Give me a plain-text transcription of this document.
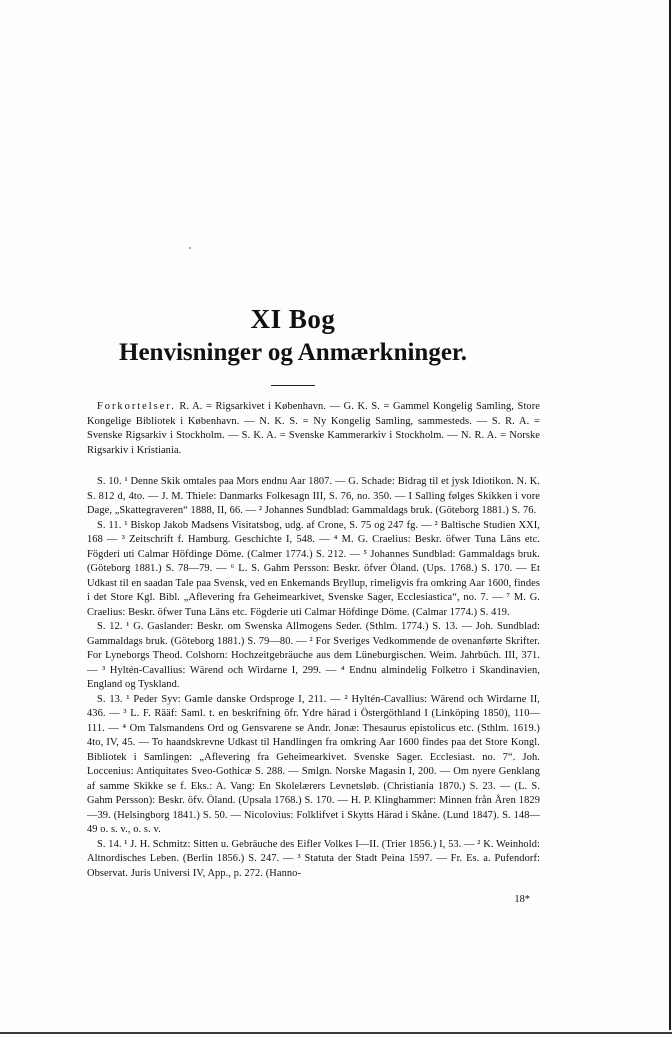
XI Bog
Henvisninger og Anmærkninger.

Forkortelser. R. A. = Rigsarkivet i København. — G. K. S. = Gammel Kongelig Samling, Store Kongelige Bibliotek i København. — N. K. S. = Ny Kongelig Samling, sammesteds. — S. R. A. = Svenske Rigsarkiv i Stockholm. — S. K. A. = Svenske Kammerarkiv i Stockholm. — N. R. A. = Norske Rigsarkiv i Kristiania.

S. 10. ¹ Denne Skik omtales paa Mors endnu Aar 1807. — G. Schade: Bidrag til et jysk Idiotikon. N. K. S. 812 d, 4to. — J. M. Thiele: Danmarks Folkesagn III, S. 76, no. 350. — I Salling følges Skikken i vore Dage, „Skattegraveren“ 1888, II, 66. — ² Johannes Sundblad: Gammaldags bruk. (Göteborg 1881.) S. 76.

S. 11. ¹ Biskop Jakob Madsens Visitatsbog, udg. af Crone, S. 75 og 247 fg. — ² Baltische Studien XXI, 168 — ³ Zeitschrift f. Hamburg. Geschichte I, 548. — ⁴ M. G. Craelius: Beskr. öfwer Tuna Läns etc. Fögderi uti Calmar Höfdinge Döme. (Calmer 1774.) S. 212. — ⁵ Johannes Sundblad: Gammaldags bruk. (Göteborg 1881.) S. 78—79. — ⁶ L. S. Gahm Persson: Beskr. öfver Öland. (Ups. 1768.) S. 170. — Et Udkast til en saadan Tale paa Svensk, ved en Enkemands Bryllup, rimeligvis fra omkring Aar 1600, findes i det Store Kgl. Bibl. „Aflevering fra Geheimearkivet, Svenske Sager, Ecclesiastica“, no. 7. — ⁷ M. G. Craelius: Beskr. öfwer Tuna Läns etc. Fögderie uti Calmar Höfdinge Döme. (Calmar 1774.) S. 419.

S. 12. ¹ G. Gaslander: Beskr. om Swenska Allmogens Seder. (Sthlm. 1774.) S. 13. — Joh. Sundblad: Gammaldags bruk. (Göteborg 1881.) S. 79—80. — ² For Sveriges Vedkommende de ovenanførte Skrifter. For Lyneborgs Theod. Colshorn: Hochzeitgebräuche aus dem Lüneburgischen. Weim. Jahrbüch. III, 371. — ³ Hyltén-Cavallius: Wärend och Wirdarne I, 299. — ⁴ Endnu almindelig Folketro i Skandinavien, England og Tyskland.

S. 13. ¹ Peder Syv: Gamle danske Ordsproge I, 211. — ² Hyltén-Cavallius: Wärend och Wirdarne II, 436. — ³ L. F. Rääf: Saml. t. en beskrifning öfr. Ydre härad i Östergöthland I (Linköping 1850), 110—111. — ⁴ Om Talsmandens Ord og Gensvarene se Andr. Jonæ: Thesaurus epistolicus etc. (Sthlm. 1619.) 4to, IV, 45. — To haandskrevne Udkast til Handlingen fra omkring Aar 1600 findes paa det Store Kongl. Bibliotek i Samlingen: „Aflevering fra Geheimearkivet. Svenske Sager. Ecclesiast. no. 7“. Joh. Loccenius: Antiquitates Sveo-Gothicæ S. 288. — Smlgn. Norske Magasin I, 200. — Om nyere Genklang af samme Skikke se f. Eks.: A. Vang: En Skolelærers Levnetsløb. (Christiania 1870.) S. 23. — (L. S. Gahm Persson): Beskr. öfv. Öland. (Upsala 1768.) S. 170. — H. P. Klinghammer: Minnen från Åren 1829—39. (Helsingborg 1841.) S. 50. — Nicolovius: Folklifvet i Skytts Härad i Skåne. (Lund 1847). S. 148—49 o. s. v., o. s. v.

S. 14. ¹ J. H. Schmitz: Sitten u. Gebräuche des Eifler Volkes I—II. (Trier 1856.) I, 53. — ² K. Weinhold: Altnordisches Leben. (Berlin 1856.) S. 247. — ³ Statuta der Stadt Peina 1597. — Fr. Es. a. Pufendorf: Observat. Juris Universi IV, App., p. 272. (Hanno-

18*
